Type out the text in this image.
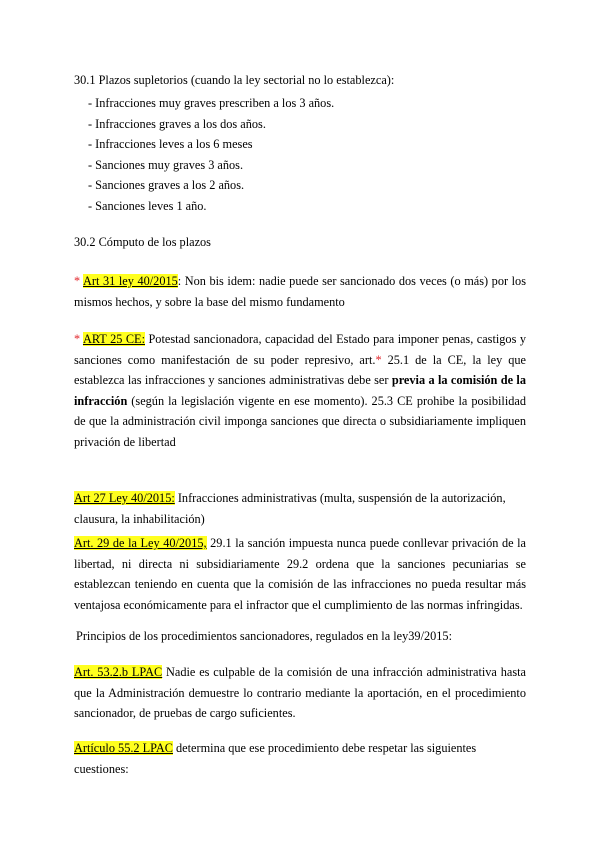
30.1 Plazos supletorios (cuando la ley sectorial no lo establezca):

- Infracciones muy graves prescriben a los 3 años.
- Infracciones graves a los dos años.
- Infracciones leves a los 6 meses
- Sanciones muy graves 3 años.
- Sanciones graves a los 2 años.
- Sanciones leves 1 año.

30.2 Cómputo de los plazos

* Art 31 ley 40/2015: Non bis idem: nadie puede ser sancionado dos veces (o más) por los mismos hechos, y sobre la base del mismo fundamento

* ART 25 CE: Potestad sancionadora, capacidad del Estado para imponer penas, castigos y sanciones como manifestación de su poder represivo, art.* 25.1 de la CE, la ley que establezca las infracciones y sanciones administrativas debe ser previa a la comisión de la infracción (según la legislación vigente en ese momento). 25.3 CE prohibe la posibilidad de que la administración civil imponga sanciones que directa o subsidiariamente impliquen privación de libertad

Art 27 Ley 40/2015: Infracciones administrativas (multa, suspensión de la autorización, clausura, la inhabilitación)

Art. 29 de la Ley 40/2015, 29.1 la sanción impuesta nunca puede conllevar privación de la libertad, ni directa ni subsidiariamente 29.2 ordena que la sanciones pecuniarias se establezcan teniendo en cuenta que la comisión de las infracciones no pueda resultar más ventajosa económicamente para el infractor que el cumplimiento de las normas infringidas.

Principios de los procedimientos sancionadores, regulados en la ley39/2015:

Art. 53.2.b LPAC Nadie es culpable de la comisión de una infracción administrativa hasta que la Administración demuestre lo contrario mediante la aportación, en el procedimiento sancionador, de pruebas de cargo suficientes.

Artículo 55.2 LPAC determina que ese procedimiento debe respetar las siguientes cuestiones:
